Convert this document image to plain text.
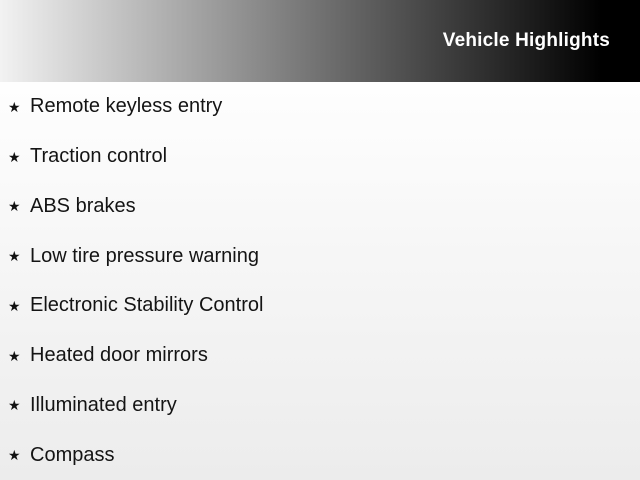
Vehicle Highlights
★ Remote keyless entry
★ Traction control
★ ABS brakes
★ Low tire pressure warning
★ Electronic Stability Control
★ Heated door mirrors
★ Illuminated entry
★ Compass
